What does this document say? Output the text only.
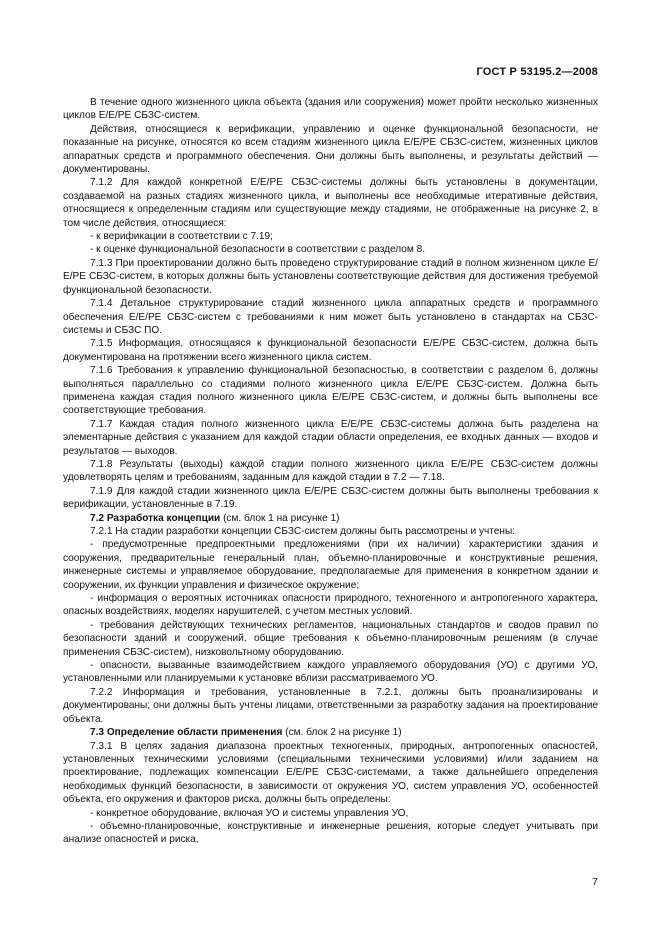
ГОСТ Р 53195.2—2008

В течение одного жизненного цикла объекта (здания или сооружения) может пройти несколько жизненных циклов Е/Е/РЕ СБЗС-систем.

Действия, относящиеся к верификации, управлению и оценке функциональной безопасности, не показанные на рисунке, относятся ко всем стадиям жизненного цикла Е/Е/РЕ СБЗС-систем, жизненных циклов аппаратных средств и программного обеспечения. Они должны быть выполнены, и результаты действий — документированы.

7.1.2 Для каждой конкретной Е/Е/РЕ СБЗС-системы должны быть установлены в документации, создаваемой на разных стадиях жизненного цикла, и выполнены все необходимые итеративные действия, относящиеся к определенным стадиям или существующие между стадиями, не отображенные на рисунке 2, в том числе действия, относящиеся:

- к верификации в соответствии с 7.19;

- к оценке функциональной безопасности в соответствии с разделом 8.

7.1.3 При проектировании должно быть проведено структурирование стадий в полном жизненном цикле Е/Е/РЕ СБЗС-систем, в которых должны быть установлены соответствующие действия для достижения требуемой функциональной безопасности.

7.1.4 Детальное структурирование стадий жизненного цикла аппаратных средств и программного обеспечения Е/Е/РЕ СБЗС-систем с требованиями к ним может быть установлено в стандартах на СБЗС-системы и СБЗС ПО.

7.1.5 Информация, относящаяся к функциональной безопасности Е/Е/РЕ СБЗС-систем, должна быть документирована на протяжении всего жизненного цикла систем.

7.1.6 Требования к управлению функциональной безопасностью, в соответствии с разделом 6, должны выполняться параллельно со стадиями полного жизненного цикла Е/Е/РЕ СБЗС-систем. Должна быть применена каждая стадия полного жизненного цикла Е/Е/РЕ СБЗС-систем, и должны быть выполнены все соответствующие требования.

7.1.7 Каждая стадия полного жизненного цикла Е/Е/РЕ СБЗС-системы должна быть разделена на элементарные действия с указанием для каждой стадии области определения, ее входных данных — входов и результатов — выходов.

7.1.8 Результаты (выходы) каждой стадии полного жизненного цикла Е/Е/РЕ СБЗС-систем должны удовлетворять целям и требованиям, заданным для каждой стадии в 7.2 — 7.18.

7.1.9 Для каждой стадии жизненного цикла Е/Е/РЕ СБЗС-систем должны быть выполнены требования к верификации, установленные в 7.19.

7.2 Разработка концепции (см. блок 1 на рисунке 1)

7.2.1 На стадии разработки концепции СБЗС-систем должны быть рассмотрены и учтены:

- предусмотренные предпроектными предложениями (при их наличии) характеристики здания и сооружения, предварительные генеральный план, объемно-планировочные и конструктивные решения, инженерные системы и управляемое оборудование, предполагаемые для применения в конкретном здании и сооружении, их функции управления и физическое окружение;

- информация о вероятных источниках опасности природного, техногенного и антропогенного характера, опасных воздействиях, моделях нарушителей, с учетом местных условий.

- требования действующих технических регламентов, национальных стандартов и сводов правил по безопасности зданий и сооружений, общие требования к объемно-планировочным решениям (в случае применения СБЗС-систем), низковольтному оборудованию.

- опасности, вызванные взаимодействием каждого управляемого оборудования (УО) с другими УО, установленными или планируемыми к установке вблизи рассматриваемого УО.

7.2.2 Информация и требования, установленные в 7.2.1, должны быть проанализированы и документированы; они должны быть учтены лицами, ответственными за разработку задания на проектирование объекта.

7.3 Определение области применения (см. блок 2 на рисунке 1)

7.3.1 В целях задания диапазона проектных техногенных, природных, антропогенных опасностей, установленных техническими условиями (специальными техническими условиями) и/или заданием на проектирование, подлежащих компенсации Е/Е/РЕ СБЗС-системами, а также дальнейшего определения необходимых функций безопасности, в зависимости от окружения УО, систем управления УО, особенностей объекта, его окружения и факторов риска, должны быть определены:

- конкретное оборудование, включая УО и системы управления УО,

- объемно-планировочные, конструктивные и инженерные решения, которые следует учитывать при анализе опасностей и риска,

7
